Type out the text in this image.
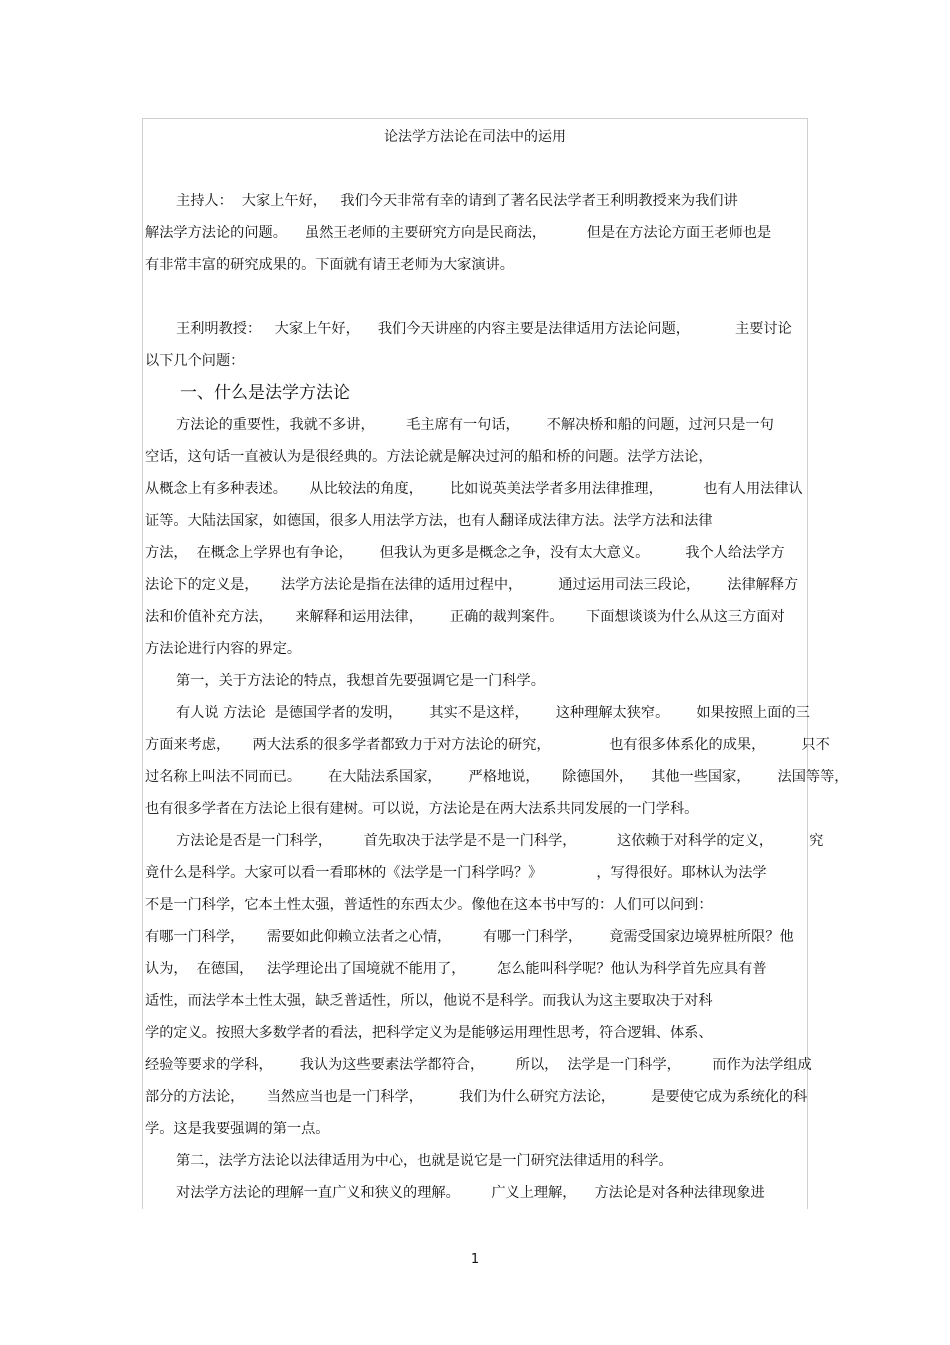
论法学方法论在司法中的运用
主持人：  大家上午好，   我们今天非常有幸的请到了著名民法学者王利明教授来为我们讲
解法学方法论的问题。    虽然王老师的主要研究方向是民商法，         但是在方法论方面王老师也是
有非常丰富的研究成果的。下面就有请王老师为大家演讲。
王利明教授：   大家上午好，    我们今天讲座的内容主要是法律适用方法论问题，          主要讨论
以下几个问题：
一、什么是法学方法论
方法论的重要性，我就不多讲，       毛主席有一句话，      不解决桥和船的问题，过河只是一句
空话，这句话一直被认为是很经典的。方法论就是解决过河的船和桥的问题。法学方法论，
从概念上有多种表述。     从比较法的角度，      比如说英美法学者多用法律推理，         也有人用法律认
证等。大陆法国家，如德国，很多人用法学方法，也有人翻译成法律方法。法学方法和法律
方法，  在概念上学界也有争论，      但我认为更多是概念之争，没有太大意义。        我个人给法学方
法论下的定义是，     法学方法论是指在法律的适用过程中，        通过运用司法三段论，      法律解释方
法和价值补充方法，     来解释和运用法律，      正确的裁判案件。     下面想谈谈为什么从这三方面对
方法论进行内容的界定。
第一，关于方法论的特点，我想首先要强调它是一门科学。
有人说 方法论  是德国学者的发明，      其实不是这样，      这种理解太狭窄。      如果按照上面的三
方面来考虑，     两大法系的很多学者都致力于对方法论的研究，             也有很多体系化的成果，        只不
过名称上叫法不同而已。      在大陆法系国家，      严格地说，     除德国外，    其他一些国家，      法国等等，
也有很多学者在方法论上很有建树。可以说，方法论是在两大法系共同发展的一门学科。
方法论是否是一门科学，       首先取决于法学是不是一门科学，         这依赖于对科学的定义，        究
竟什么是科学。大家可以看一看耶林的《法学是一门科学吗？》            ，写得很好。耶林认为法学
不是一门科学，它本土性太强，普适性的东西太少。像他在这本书中写的：人们可以问到：
有哪一门科学，     需要如此仰赖立法者之心情，       有哪一门科学，      竟需受国家边境界桩所限？他
认为，  在德国，   法学理论出了国境就不能用了，       怎么能叫科学呢？他认为科学首先应具有普
适性，而法学本土性太强，缺乏普适性，所以，他说不是科学。而我认为这主要取决于对科
学的定义。按照大多数学者的看法，把科学定义为是能够运用理性思考，符合逻辑、体系、
经验等要求的学科，      我认为这些要素法学都符合，       所以，  法学是一门科学，       而作为法学组成
部分的方法论，     当然应当也是一门科学，        我们为什么研究方法论，        是要使它成为系统化的科
学。这是我要强调的第一点。
第二，法学方法论以法律适用为中心，也就是说它是一门研究法律适用的科学。
对法学方法论的理解一直广义和狭义的理解。       广义上理解，    方法论是对各种法律现象进
1
